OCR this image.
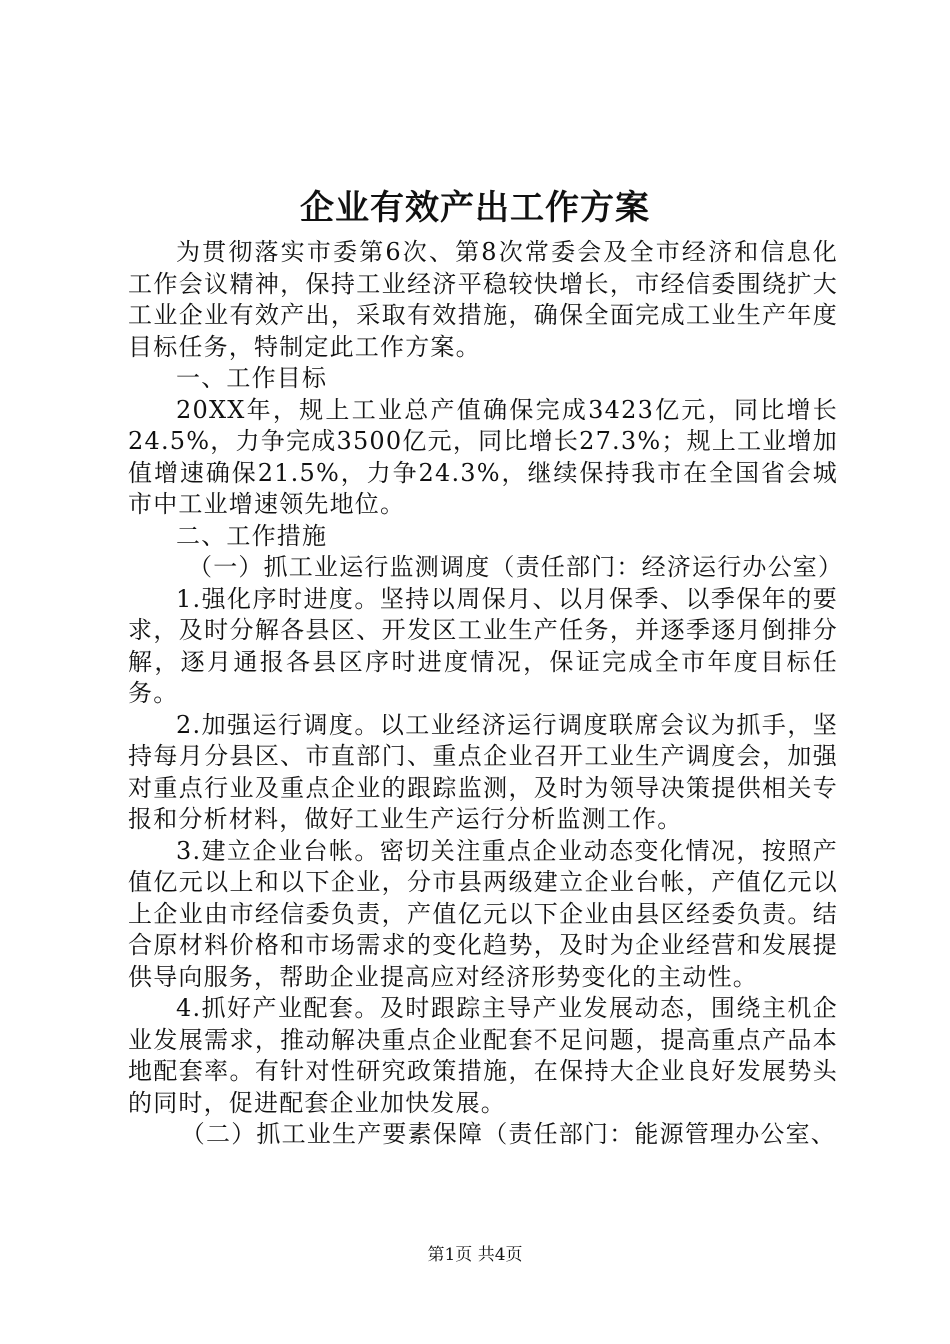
企业有效产出工作方案

为贯彻落实市委第6次、第8次常委会及全市经济和信息化工作会议精神，保持工业经济平稳较快增长，市经信委围绕扩大工业企业有效产出，采取有效措施，确保全面完成工业生产年度目标任务，特制定此工作方案。

一、工作目标

20XX年，规上工业总产值确保完成3423亿元，同比增长24.5%，力争完成3500亿元，同比增长27.3%；规上工业增加值增速确保21.5%，力争24.3%，继续保持我市在全国省会城市中工业增速领先地位。

二、工作措施

（一）抓工业运行监测调度（责任部门：经济运行办公室）

1.强化序时进度。坚持以周保月、以月保季、以季保年的要求，及时分解各县区、开发区工业生产任务，并逐季逐月倒排分解，逐月通报各县区序时进度情况，保证完成全市年度目标任务。

2.加强运行调度。以工业经济运行调度联席会议为抓手，坚持每月分县区、市直部门、重点企业召开工业生产调度会，加强对重点行业及重点企业的跟踪监测，及时为领导决策提供相关专报和分析材料，做好工业生产运行分析监测工作。

3.建立企业台帐。密切关注重点企业动态变化情况，按照产值亿元以上和以下企业，分市县两级建立企业台帐，产值亿元以上企业由市经信委负责，产值亿元以下企业由县区经委负责。结合原材料价格和市场需求的变化趋势，及时为企业经营和发展提供导向服务，帮助企业提高应对经济形势变化的主动性。

4.抓好产业配套。及时跟踪主导产业发展动态，围绕主机企业发展需求，推动解决重点企业配套不足问题，提高重点产品本地配套率。有针对性研究政策措施，在保持大企业良好发展势头的同时，促进配套企业加快发展。

（二）抓工业生产要素保障（责任部门：能源管理办公室、

第1页 共4页
